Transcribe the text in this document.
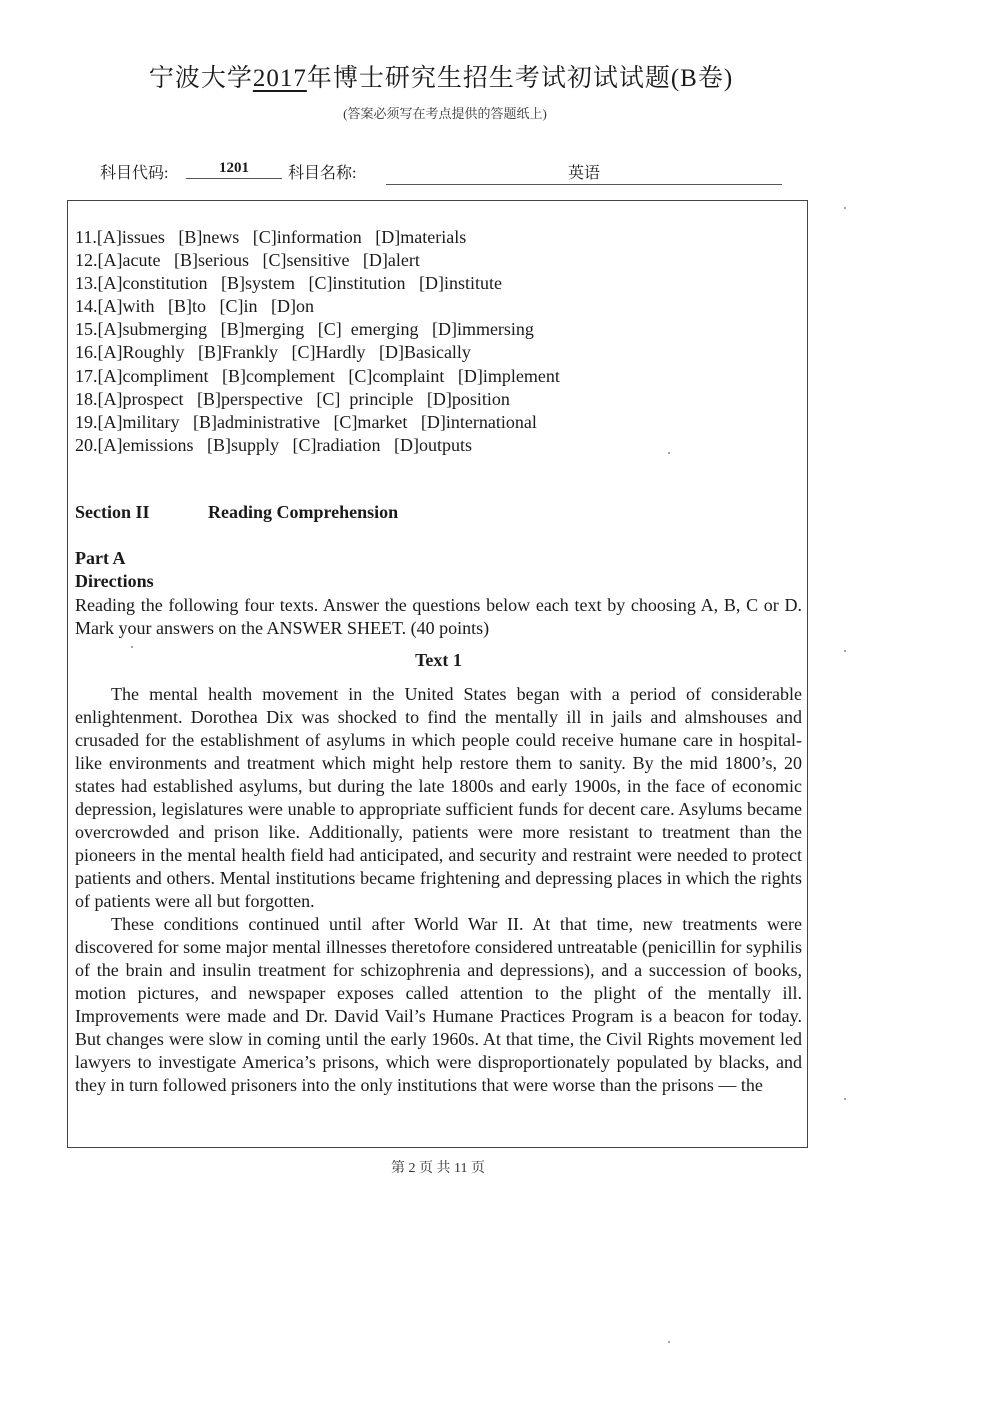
宁波大学2017年博士研究生招生考试初试试题(B卷)
(答案必须写在考点提供的答题纸上)
科目代码:	1201	科目名称:	英语
11.[A]issues   [B]news   [C]information   [D]materials
12.[A]acute   [B]serious   [C]sensitive   [D]alert
13.[A]constitution   [B]system   [C]institution   [D]institute
14.[A]with   [B]to   [C]in   [D]on
15.[A]submerging   [B]merging   [C]  emerging   [D]immersing
16.[A]Roughly   [B]Frankly   [C]Hardly   [D]Basically
17.[A]compliment   [B]complement   [C]complaint   [D]implement
18.[A]prospect   [B]perspective   [C]  principle   [D]position
19.[A]military   [B]administrative   [C]market   [D]international
20.[A]emissions   [B]supply   [C]radiation   [D]outputs
Section II	Reading Comprehension
Part A
Directions
Reading the following four texts. Answer the questions below each text by choosing A, B, C or D. Mark your answers on the ANSWER SHEET. (40 points)
Text 1

The mental health movement in the United States began with a period of considerable enlightenment. Dorothea Dix was shocked to find the mentally ill in jails and almshouses and crusaded for the establishment of asylums in which people could receive humane care in hospital-like environments and treatment which might help restore them to sanity. By the mid 1800’s, 20 states had established asylums, but during the late 1800s and early 1900s, in the face of economic depression, legislatures were unable to appropriate sufficient funds for decent care. Asylums became overcrowded and prison like. Additionally, patients were more resistant to treatment than the pioneers in the mental health field had anticipated, and security and restraint were needed to protect patients and others. Mental institutions became frightening and depressing places in which the rights of patients were all but forgotten.

These conditions continued until after World War II. At that time, new treatments were discovered for some major mental illnesses theretofore considered untreatable (penicillin for syphilis of the brain and insulin treatment for schizophrenia and depressions), and a succession of books, motion pictures, and newspaper exposes called attention to the plight of the mentally ill. Improvements were made and Dr. David Vail’s Humane Practices Program is a beacon for today. But changes were slow in coming until the early 1960s. At that time, the Civil Rights movement led lawyers to investigate America’s prisons, which were disproportionately populated by blacks, and they in turn followed prisoners into the only institutions that were worse than the prisons — the

第 2 页 共 11 页
